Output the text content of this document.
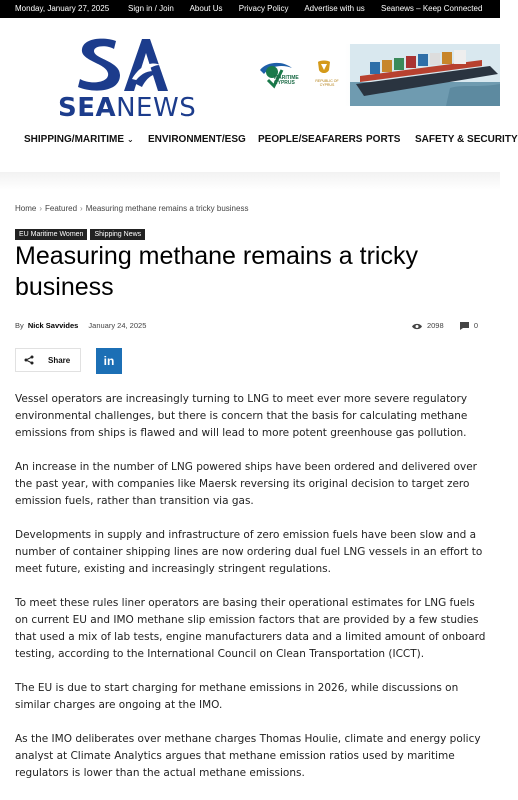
Monday, January 27, 2025 Sign in / Join About Us Privacy Policy Advertise with us Seanews – Keep Connected
SEANEWS
MARITIME
CYPRUS	REPUBLIC OF CYPRUS
SHIPPING/MARITIME ⌄ ENVIRONMENT/ESG PEOPLE/SEAFARERS PORTS SAFETY & SECURITY
Home › Featured › Measuring methane remains a tricky business
EU Maritime Women Shipping News
Measuring methane remains a tricky business
By Nick Savvides January 24, 2025	2098	0
Share	in

Vessel operators are increasingly turning to LNG to meet ever more severe regulatory environmental challenges, but there is concern that the basis for calculating methane emissions from ships is flawed and will lead to more potent greenhouse gas pollution.

An increase in the number of LNG powered ships have been ordered and delivered over the past year, with companies like Maersk reversing its original decision to target zero emission fuels, rather than transition via gas.

Developments in supply and infrastructure of zero emission fuels have been slow and a number of container shipping lines are now ordering dual fuel LNG vessels in an effort to meet future, existing and increasingly stringent regulations.

To meet these rules liner operators are basing their operational estimates for LNG fuels on current EU and IMO methane slip emission factors that are provided by a few studies that used a mix of lab tests, engine manufacturers data and a limited amount of onboard testing, according to the International Council on Clean Transportation (ICCT).

The EU is due to start charging for methane emissions in 2026, while discussions on similar charges are ongoing at the IMO.

As the IMO deliberates over methane charges Thomas Houlie, climate and energy policy analyst at Climate Analytics argues that methane emission ratios used by maritime regulators is lower than the actual methane emissions.
